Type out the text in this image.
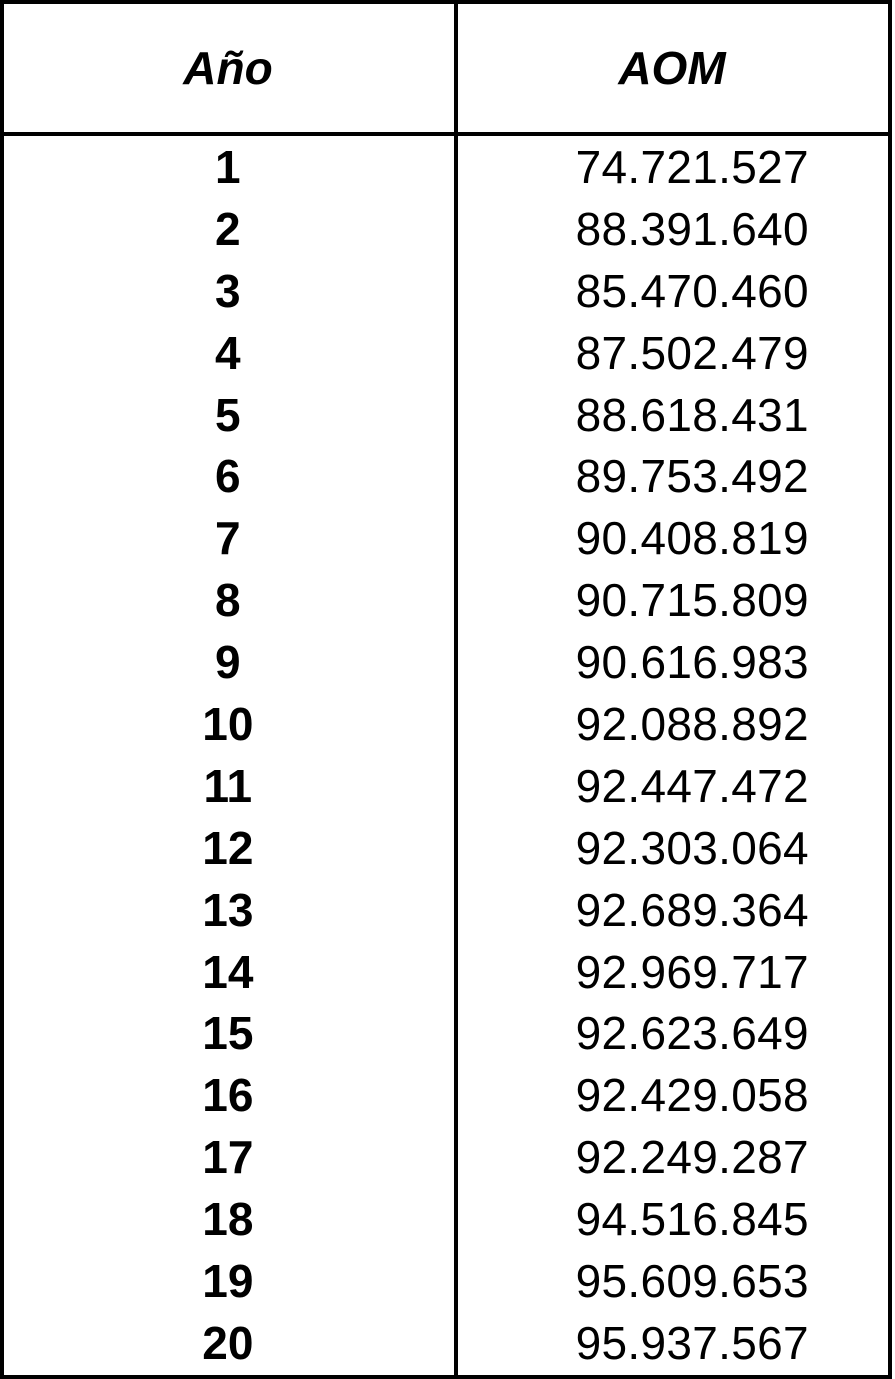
Año	AOM
1	74.721.527
2	88.391.640
3	85.470.460
4	87.502.479
5	88.618.431
6	89.753.492
7	90.408.819
8	90.715.809
9	90.616.983
10	92.088.892
11	92.447.472
12	92.303.064
13	92.689.364
14	92.969.717
15	92.623.649
16	92.429.058
17	92.249.287
18	94.516.845
19	95.609.653
20	95.937.567
